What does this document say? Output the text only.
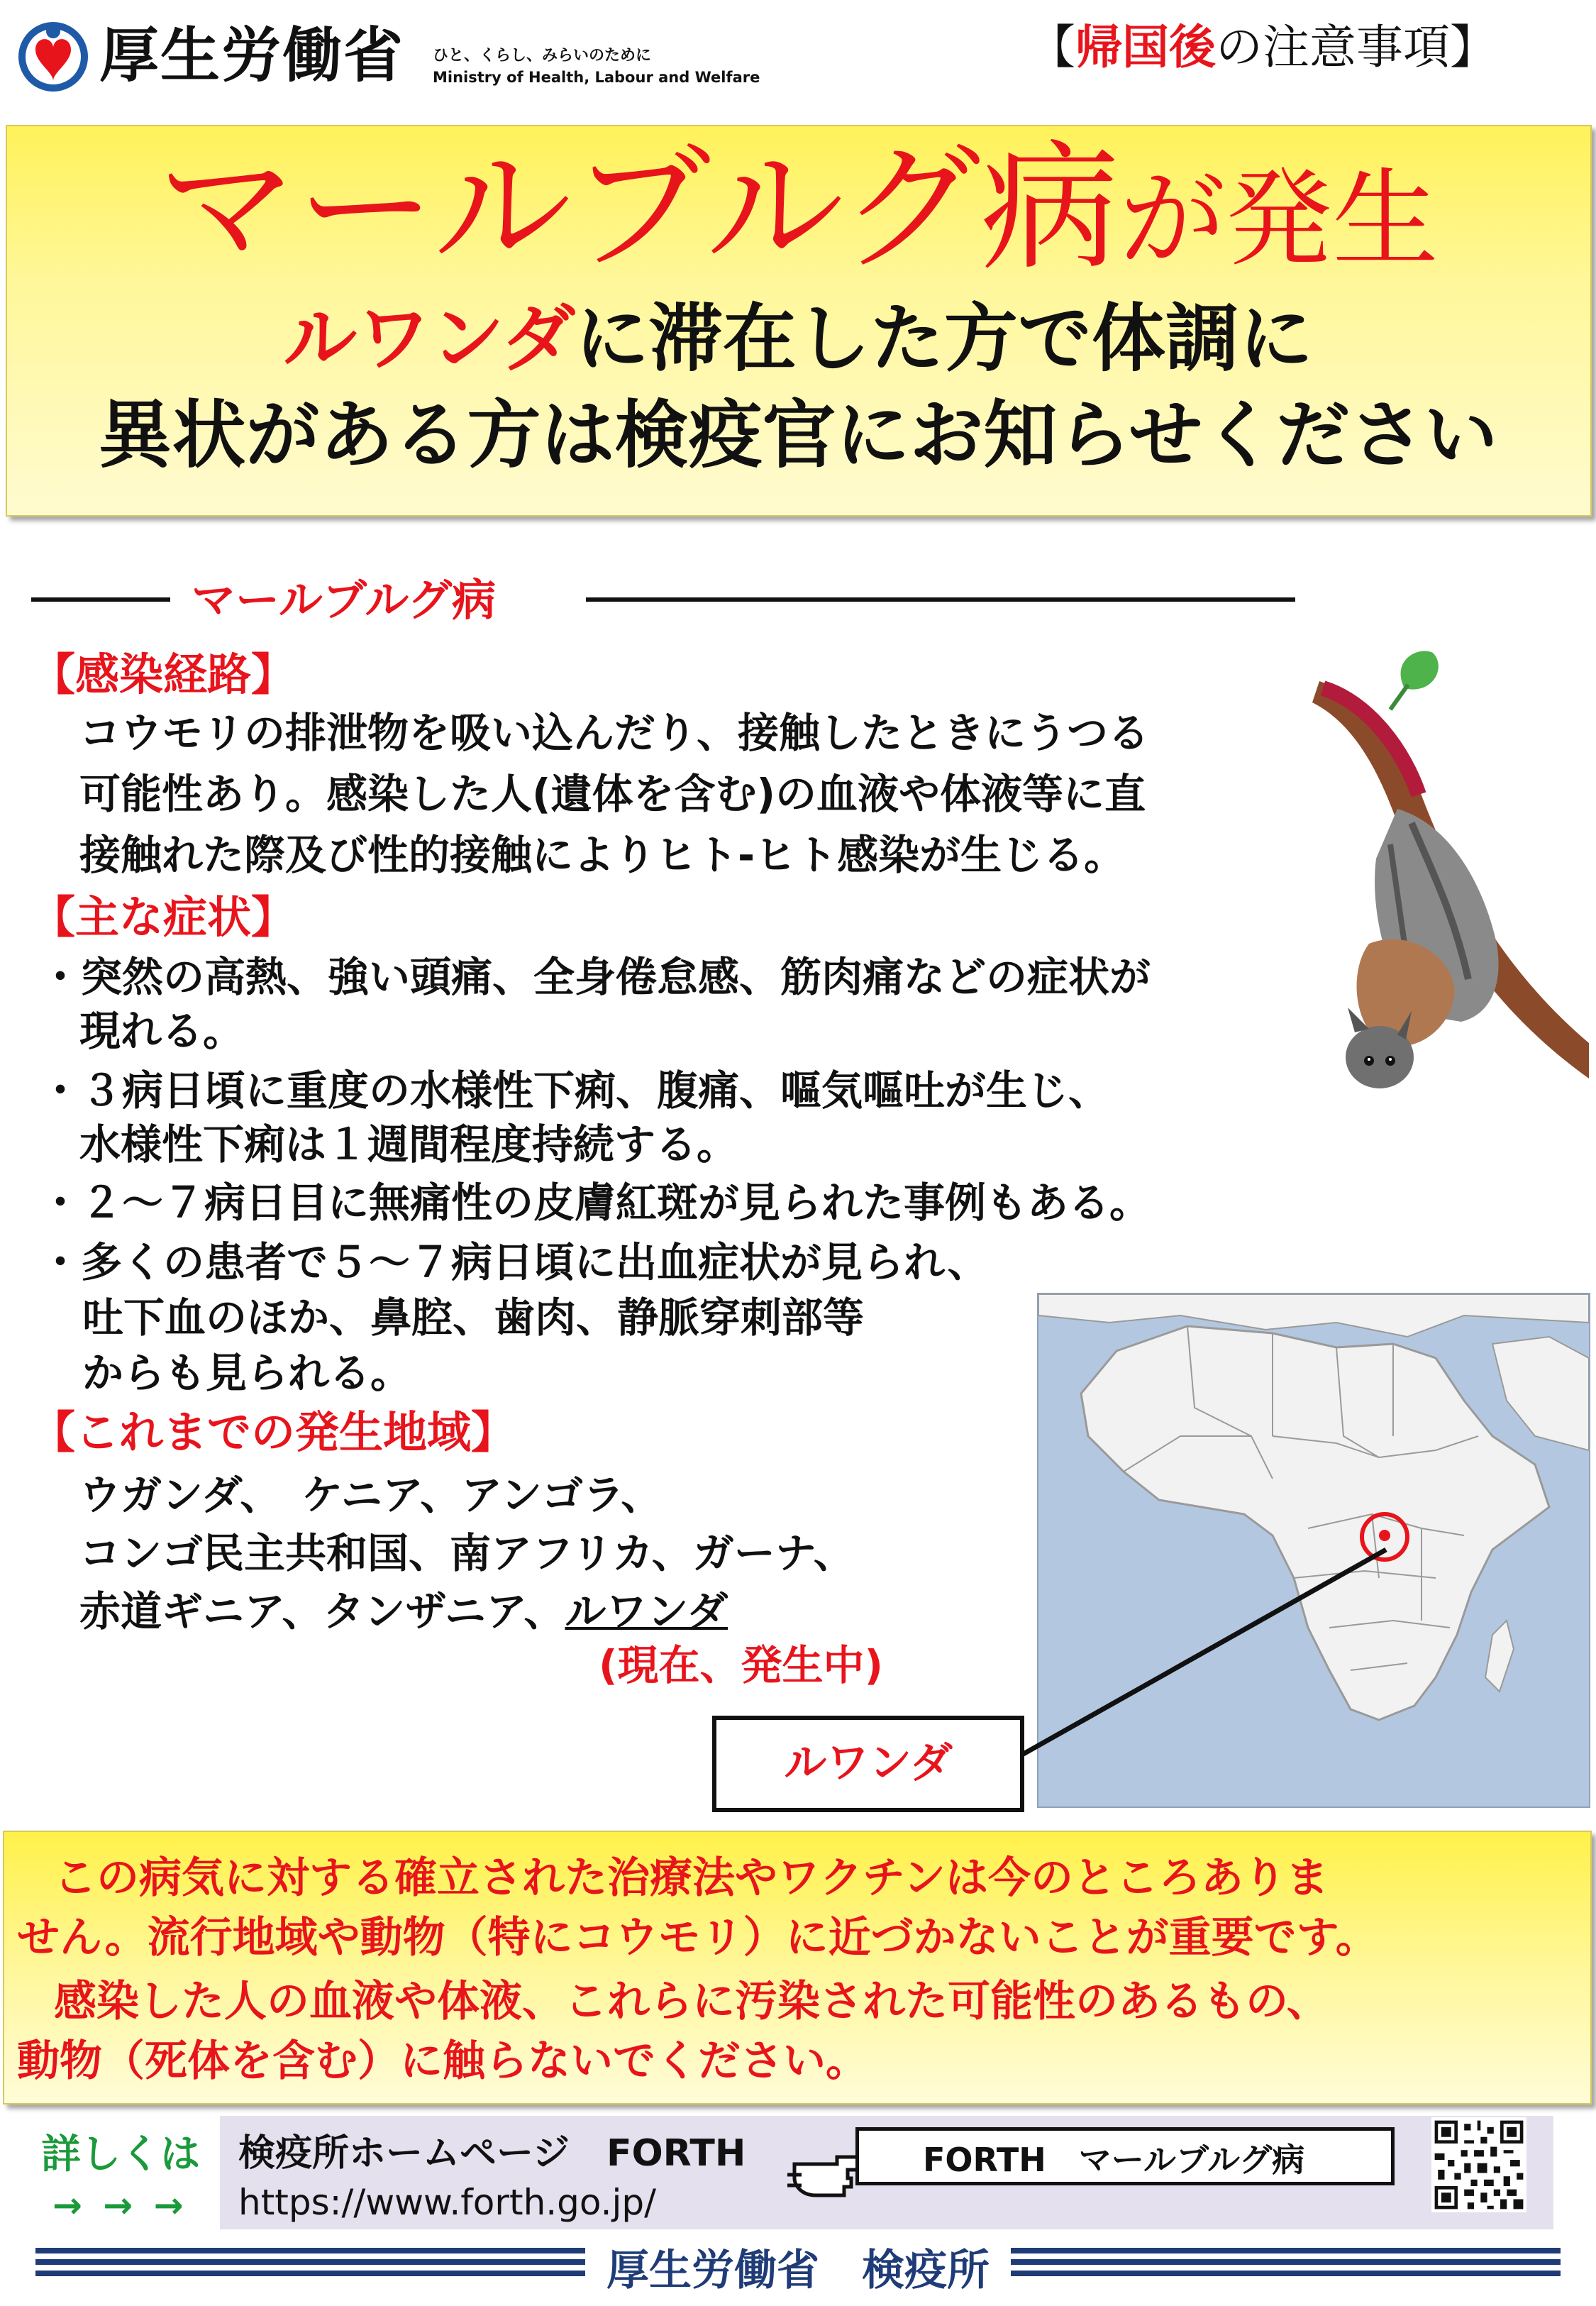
厚生労働省 ひと、くらし、みらいのために
Ministry of Health, Labour and Welfare
【帰国後の注意事項】
マールブルグ病が発生
ルワンダに滞在した方で体調に
異状がある方は検疫官にお知らせください
マールブルグ病
【感染経路】
コウモリの排泄物を吸い込んだり、接触したときにうつる
可能性あり。感染した人(遺体を含む)の血液や体液等に直
接触れた際及び性的接触によりヒト-ヒト感染が生じる。
【主な症状】
・突然の高熱、強い頭痛、全身倦怠感、筋肉痛などの症状が
現れる。
・３病日頃に重度の水様性下痢、腹痛、嘔気嘔吐が生じ、
水様性下痢は１週間程度持続する。
・２～７病日目に無痛性の皮膚紅斑が見られた事例もある。
・多くの患者で５～７病日頃に出血症状が見られ、
吐下血のほか、鼻腔、歯肉、静脈穿刺部等
からも見られる。
【これまでの発生地域】
ウガンダ、　ケニア、アンゴラ、
コンゴ民主共和国、南アフリカ、ガーナ、
赤道ギニア、タンザニア、ルワンダ
(現在、発生中)
ルワンダ
この病気に対する確立された治療法やワクチンは今のところありま
せん。流行地域や動物（特にコウモリ）に近づかないことが重要です。
感染した人の血液や体液、これらに汚染された可能性のあるもの、
動物（死体を含む）に触らないでください。
詳しくは
→ → →
検疫所ホームページ　FORTH
https://www.forth.go.jp/
FORTH　マールブルグ病
厚生労働省　検疫所
